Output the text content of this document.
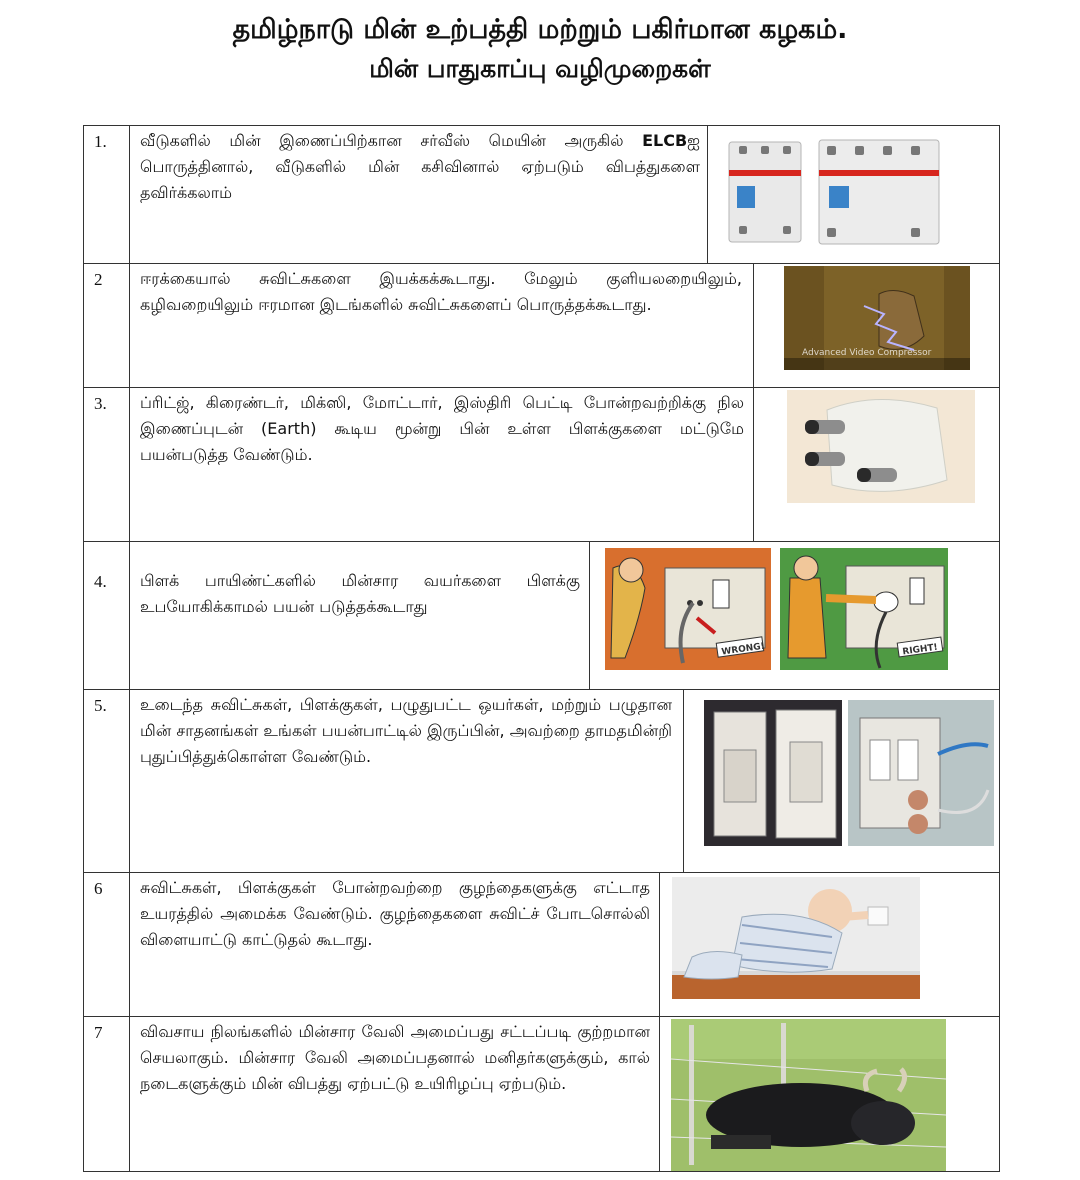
தமிழ்நாடு மின் உற்பத்தி மற்றும் பகிர்மான கழகம்.
மின் பாதுகாப்பு வழிமுறைகள்
1. வீடுகளில் மின் இணைப்பிற்கான சர்வீஸ் மெயின் அருகில் ELCBஐ பொருத்தினால், வீடுகளில் மின் கசிவினால் ஏற்படும் விபத்துகளை தவிர்க்கலாம்
2 ஈரக்கையால் சுவிட்சுகளை இயக்கக்கூடாது. மேலும் குளியலறையிலும், கழிவறையிலும் ஈரமான இடங்களில் சுவிட்சுகளைப் பொருத்தக்கூடாது.
Advanced Video Compressor
3. ப்ரிட்ஜ், கிரைண்டர், மிக்ஸி, மோட்டார், இஸ்திரி பெட்டி போன்றவற்றிக்கு நில இணைப்புடன் (Earth) கூடிய மூன்று பின் உள்ள பிளக்குகளை மட்டுமே பயன்படுத்த வேண்டும்.
4. பிளக் பாயிண்ட்களில் மின்சார வயர்களை பிளக்கு உபயோகிக்காமல் பயன் படுத்தக்கூடாது
WRONG!	RIGHT!
5. உடைந்த சுவிட்சுகள், பிளக்குகள், பழுதுபட்ட ஒயர்கள், மற்றும் பழுதான மின் சாதனங்கள் உங்கள் பயன்பாட்டில் இருப்பின், அவற்றை தாமதமின்றி புதுப்பித்துக்கொள்ள வேண்டும்.
6 சுவிட்சுகள், பிளக்குகள் போன்றவற்றை குழந்தைகளுக்கு எட்டாத உயரத்தில் அமைக்க வேண்டும். குழந்தைகளை சுவிட்ச் போடசொல்லி விளையாட்டு காட்டுதல் கூடாது.
7 விவசாய நிலங்களில் மின்சார வேலி அமைப்பது சட்டப்படி குற்றமான செயலாகும். மின்சார வேலி அமைப்பதனால் மனிதர்களுக்கும், கால் நடைகளுக்கும் மின் விபத்து ஏற்பட்டு உயிரிழப்பு ஏற்படும்.
